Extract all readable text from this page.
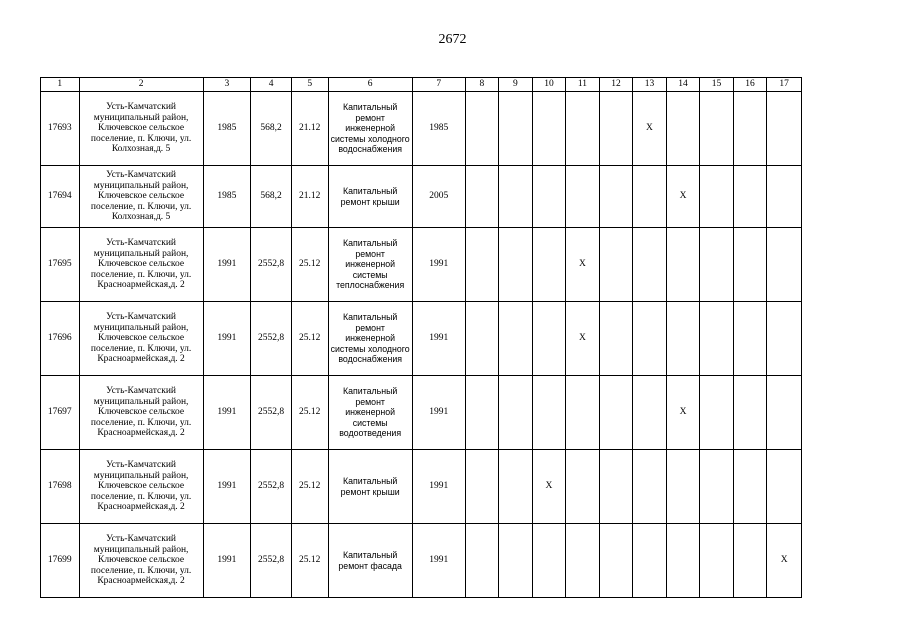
2672
1	2	3	4	5	6	7	8	9	10	11	12	13	14	15	16	17
17693	Усть-Камчатский муниципальный район, Ключевское сельское поселение, п. Ключи, ул. Колхозная,д. 5	1985	568,2	21.12	Капитальный ремонт инженерной системы холодного водоснабжения	1985						X				
17694	Усть-Камчатский муниципальный район, Ключевское сельское поселение, п. Ключи, ул. Колхозная,д. 5	1985	568,2	21.12	Капитальный ремонт крыши	2005							X			
17695	Усть-Камчатский муниципальный район, Ключевское сельское поселение, п. Ключи, ул. Красноармейская,д. 2	1991	2552,8	25.12	Капитальный ремонт инженерной системы теплоснабжения	1991				X						
17696	Усть-Камчатский муниципальный район, Ключевское сельское поселение, п. Ключи, ул. Красноармейская,д. 2	1991	2552,8	25.12	Капитальный ремонт инженерной системы холодного водоснабжения	1991				X						
17697	Усть-Камчатский муниципальный район, Ключевское сельское поселение, п. Ключи, ул. Красноармейская,д. 2	1991	2552,8	25.12	Капитальный ремонт инженерной системы водоотведения	1991							X			
17698	Усть-Камчатский муниципальный район, Ключевское сельское поселение, п. Ключи, ул. Красноармейская,д. 2	1991	2552,8	25.12	Капитальный ремонт крыши	1991			X							
17699	Усть-Камчатский муниципальный район, Ключевское сельское поселение, п. Ключи, ул. Красноармейская,д. 2	1991	2552,8	25.12	Капитальный ремонт фасада	1991										X
